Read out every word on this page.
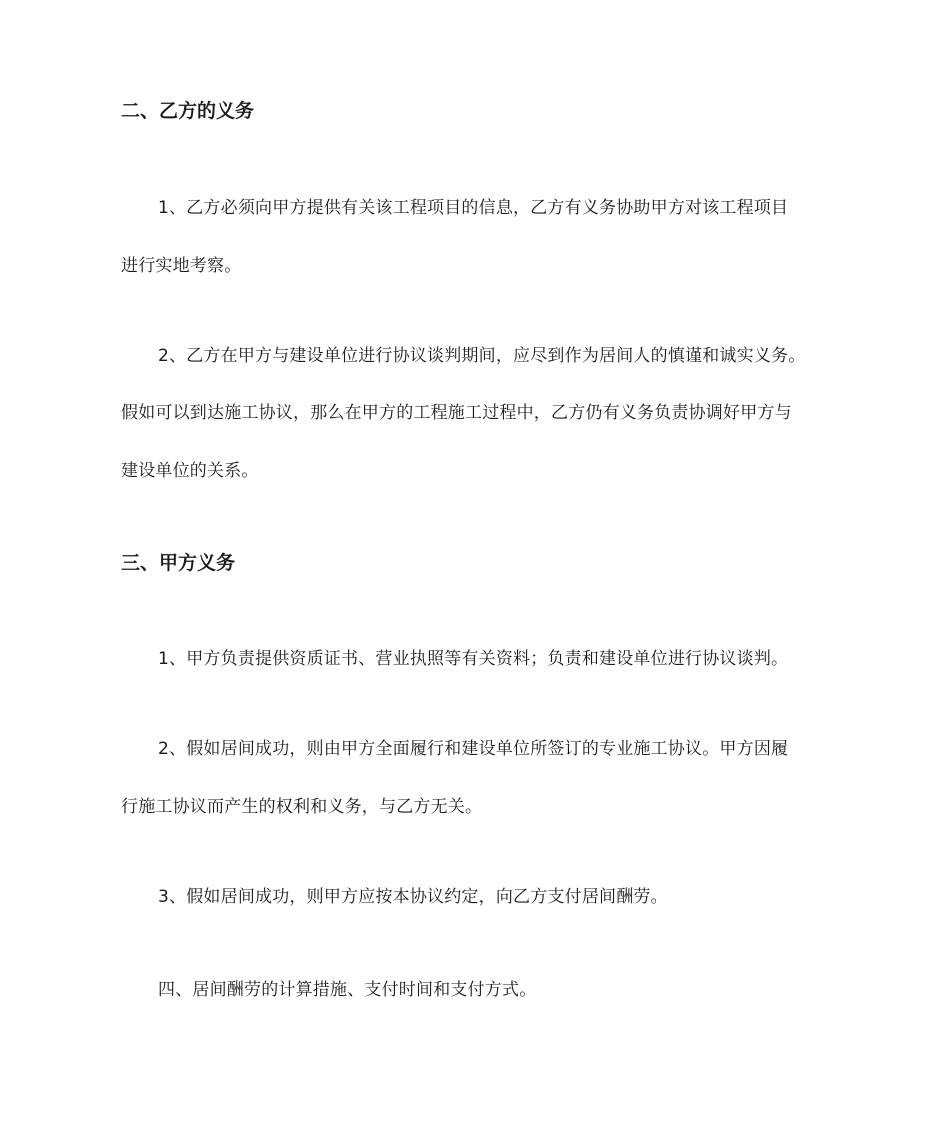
二、乙方的义务
1、乙方必须向甲方提供有关该工程项目的信息，乙方有义务协助甲方对该工程项目
进行实地考察。
2、乙方在甲方与建设单位进行协议谈判期间，应尽到作为居间人的慎谨和诚实义务。
假如可以到达施工协议，那么在甲方的工程施工过程中，乙方仍有义务负责协调好甲方与
建设单位的关系。
三、甲方义务
1、甲方负责提供资质证书、营业执照等有关资料；负责和建设单位进行协议谈判。
2、假如居间成功，则由甲方全面履行和建设单位所签订的专业施工协议。甲方因履
行施工协议而产生的权利和义务，与乙方无关。
3、假如居间成功，则甲方应按本协议约定，向乙方支付居间酬劳。
四、居间酬劳的计算措施、支付时间和支付方式。
